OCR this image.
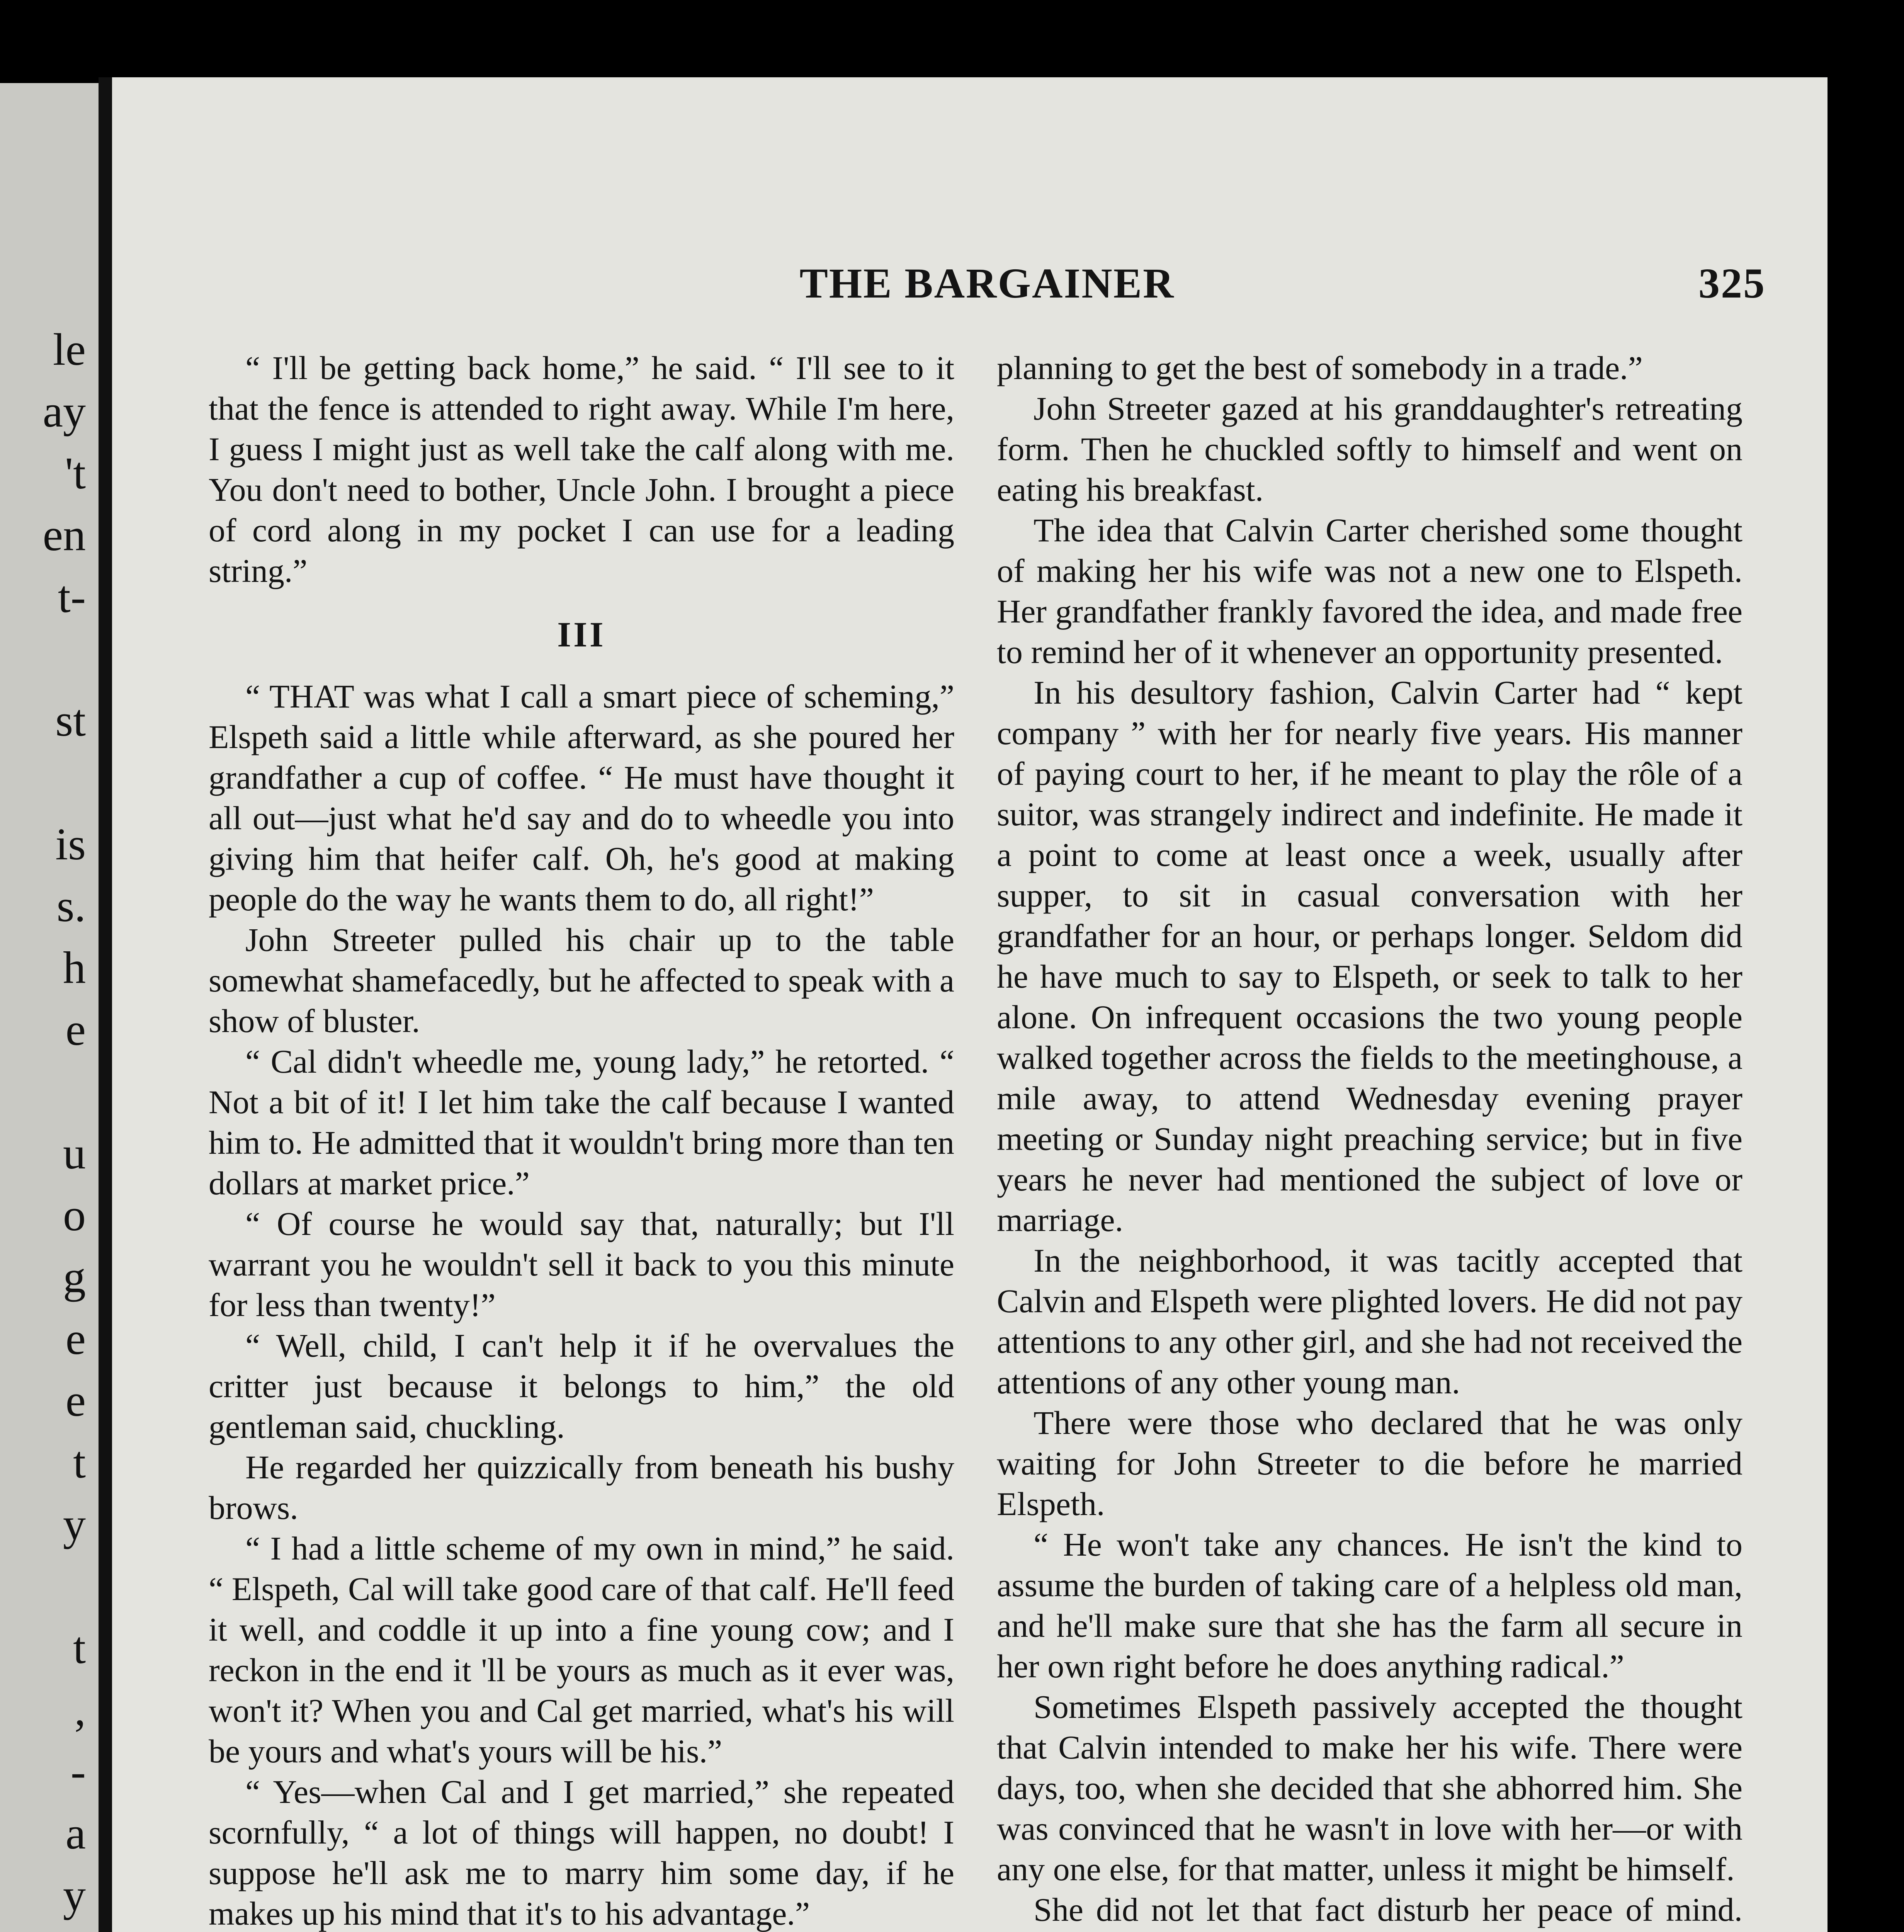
le
ay
't
en
t-
st
is
s.
h
e
u
o
g
e
e
t
y
t
,
-
a
y
THE BARGAINER	325

“ I'll be getting back home,” he said. “ I'll see to it that the fence is attended to right away. While I'm here, I guess I might just as well take the calf along with me. You don't need to bother, Uncle John. I brought a piece of cord along in my pocket I can use for a leading string.”

III

“ THAT was what I call a smart piece of scheming,” Elspeth said a little while afterward, as she poured her grandfather a cup of coffee. “ He must have thought it all out—just what he'd say and do to wheedle you into giving him that heifer calf. Oh, he's good at making people do the way he wants them to do, all right!”

John Streeter pulled his chair up to the table somewhat shamefacedly, but he affected to speak with a show of bluster.

“ Cal didn't wheedle me, young lady,” he retorted. “ Not a bit of it! I let him take the calf because I wanted him to. He admitted that it wouldn't bring more than ten dollars at market price.”

“ Of course he would say that, naturally; but I'll warrant you he wouldn't sell it back to you this minute for less than twenty!”

“ Well, child, I can't help it if he overvalues the critter just because it belongs to him,” the old gentleman said, chuckling.

He regarded her quizzically from beneath his bushy brows.

“ I had a little scheme of my own in mind,” he said. “ Elspeth, Cal will take good care of that calf. He'll feed it well, and coddle it up into a fine young cow; and I reckon in the end it 'll be yours as much as it ever was, won't it? When you and Cal get married, what's his will be yours and what's yours will be his.”

“ Yes—when Cal and I get married,” she repeated scornfully, “ a lot of things will happen, no doubt! I suppose he'll ask me to marry him some day, if he makes up his mind that it's to his advantage.”

planning to get the best of somebody in a trade.”

John Streeter gazed at his granddaughter's retreating form. Then he chuckled softly to himself and went on eating his breakfast.

The idea that Calvin Carter cherished some thought of making her his wife was not a new one to Elspeth. Her grandfather frankly favored the idea, and made free to remind her of it whenever an opportunity presented.

In his desultory fashion, Calvin Carter had “ kept company ” with her for nearly five years. His manner of paying court to her, if he meant to play the rôle of a suitor, was strangely indirect and indefinite. He made it a point to come at least once a week, usually after supper, to sit in casual conversation with her grandfather for an hour, or perhaps longer. Seldom did he have much to say to Elspeth, or seek to talk to her alone. On infrequent occasions the two young people walked together across the fields to the meetinghouse, a mile away, to attend Wednesday evening prayer meeting or Sunday night preaching service; but in five years he never had mentioned the subject of love or marriage.

In the neighborhood, it was tacitly accepted that Calvin and Elspeth were plighted lovers. He did not pay attentions to any other girl, and she had not received the attentions of any other young man.

There were those who declared that he was only waiting for John Streeter to die before he married Elspeth.

“ He won't take any chances. He isn't the kind to assume the burden of taking care of a helpless old man, and he'll make sure that she has the farm all secure in her own right before he does anything radical.”

Sometimes Elspeth passively accepted the thought that Calvin intended to make her his wife. There were days, too, when she decided that she abhorred him. She was convinced that he wasn't in love with her—or with any one else, for that matter, unless it might be himself.

She did not let that fact disturb her peace of mind.
